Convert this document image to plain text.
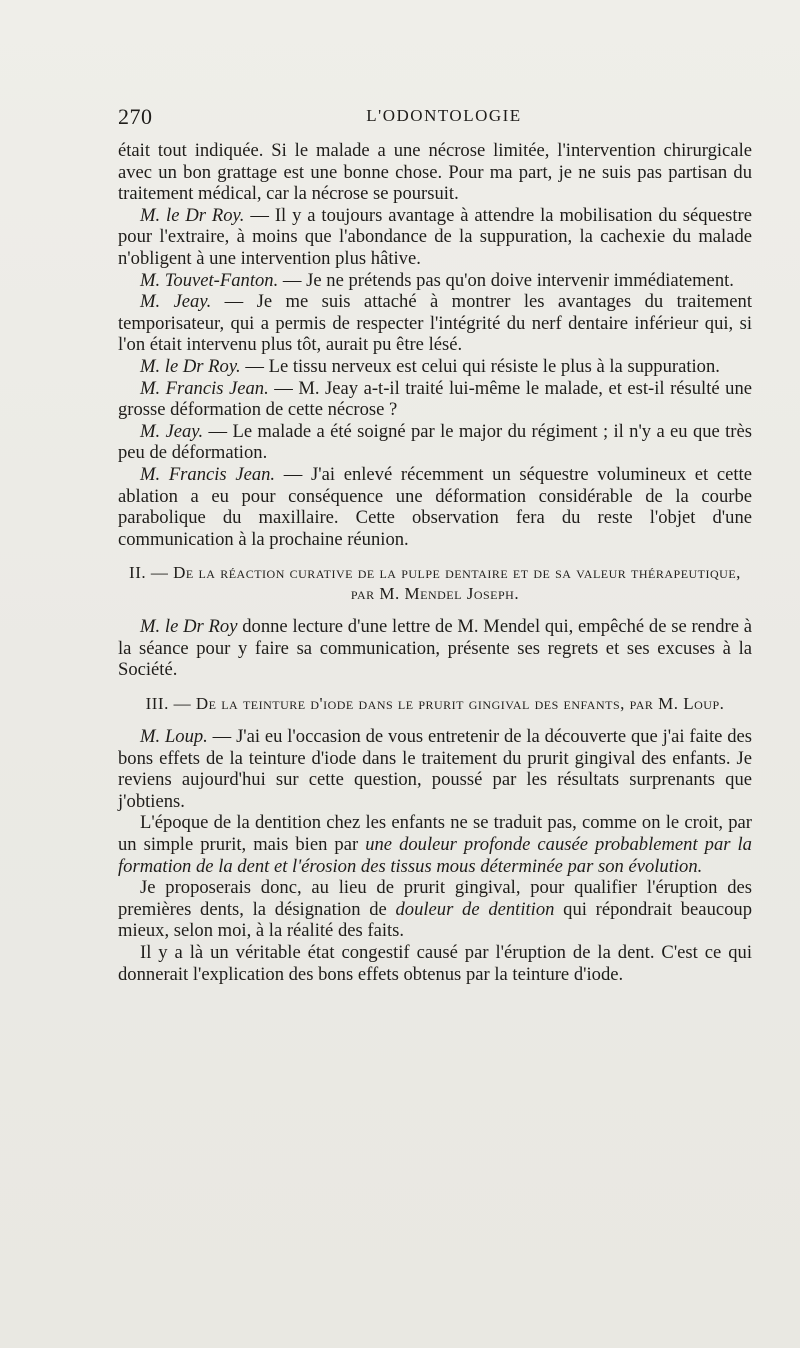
270	L'ODONTOLOGIE

était tout indiquée. Si le malade a une nécrose limitée, l'intervention chirurgicale avec un bon grattage est une bonne chose. Pour ma part, je ne suis pas partisan du traitement médical, car la nécrose se poursuit.

M. le Dr Roy. — Il y a toujours avantage à attendre la mobilisation du séquestre pour l'extraire, à moins que l'abondance de la suppuration, la cachexie du malade n'obligent à une intervention plus hâtive.

M. Touvet-Fanton. — Je ne prétends pas qu'on doive intervenir immédiatement.

M. Jeay. — Je me suis attaché à montrer les avantages du traitement temporisateur, qui a permis de respecter l'intégrité du nerf dentaire inférieur qui, si l'on était intervenu plus tôt, aurait pu être lésé.

M. le Dr Roy. — Le tissu nerveux est celui qui résiste le plus à la suppuration.

M. Francis Jean. — M. Jeay a-t-il traité lui-même le malade, et est-il résulté une grosse déformation de cette nécrose ?

M. Jeay. — Le malade a été soigné par le major du régiment ; il n'y a eu que très peu de déformation.

M. Francis Jean. — J'ai enlevé récemment un séquestre volumineux et cette ablation a eu pour conséquence une déformation considérable de la courbe parabolique du maxillaire. Cette observation fera du reste l'objet d'une communication à la prochaine réunion.

II. — De la réaction curative de la pulpe dentaire et de sa valeur thérapeutique, par M. Mendel Joseph.

M. le Dr Roy donne lecture d'une lettre de M. Mendel qui, empêché de se rendre à la séance pour y faire sa communication, présente ses regrets et ses excuses à la Société.

III. — De la teinture d'iode dans le prurit gingival des enfants, par M. Loup.

M. Loup. — J'ai eu l'occasion de vous entretenir de la découverte que j'ai faite des bons effets de la teinture d'iode dans le traitement du prurit gingival des enfants. Je reviens aujourd'hui sur cette question, poussé par les résultats surprenants que j'obtiens.

L'époque de la dentition chez les enfants ne se traduit pas, comme on le croit, par un simple prurit, mais bien par une douleur profonde causée probablement par la formation de la dent et l'érosion des tissus mous déterminée par son évolution.

Je proposerais donc, au lieu de prurit gingival, pour qualifier l'éruption des premières dents, la désignation de douleur de dentition qui répondrait beaucoup mieux, selon moi, à la réalité des faits.

Il y a là un véritable état congestif causé par l'éruption de la dent. C'est ce qui donnerait l'explication des bons effets obtenus par la teinture d'iode.
